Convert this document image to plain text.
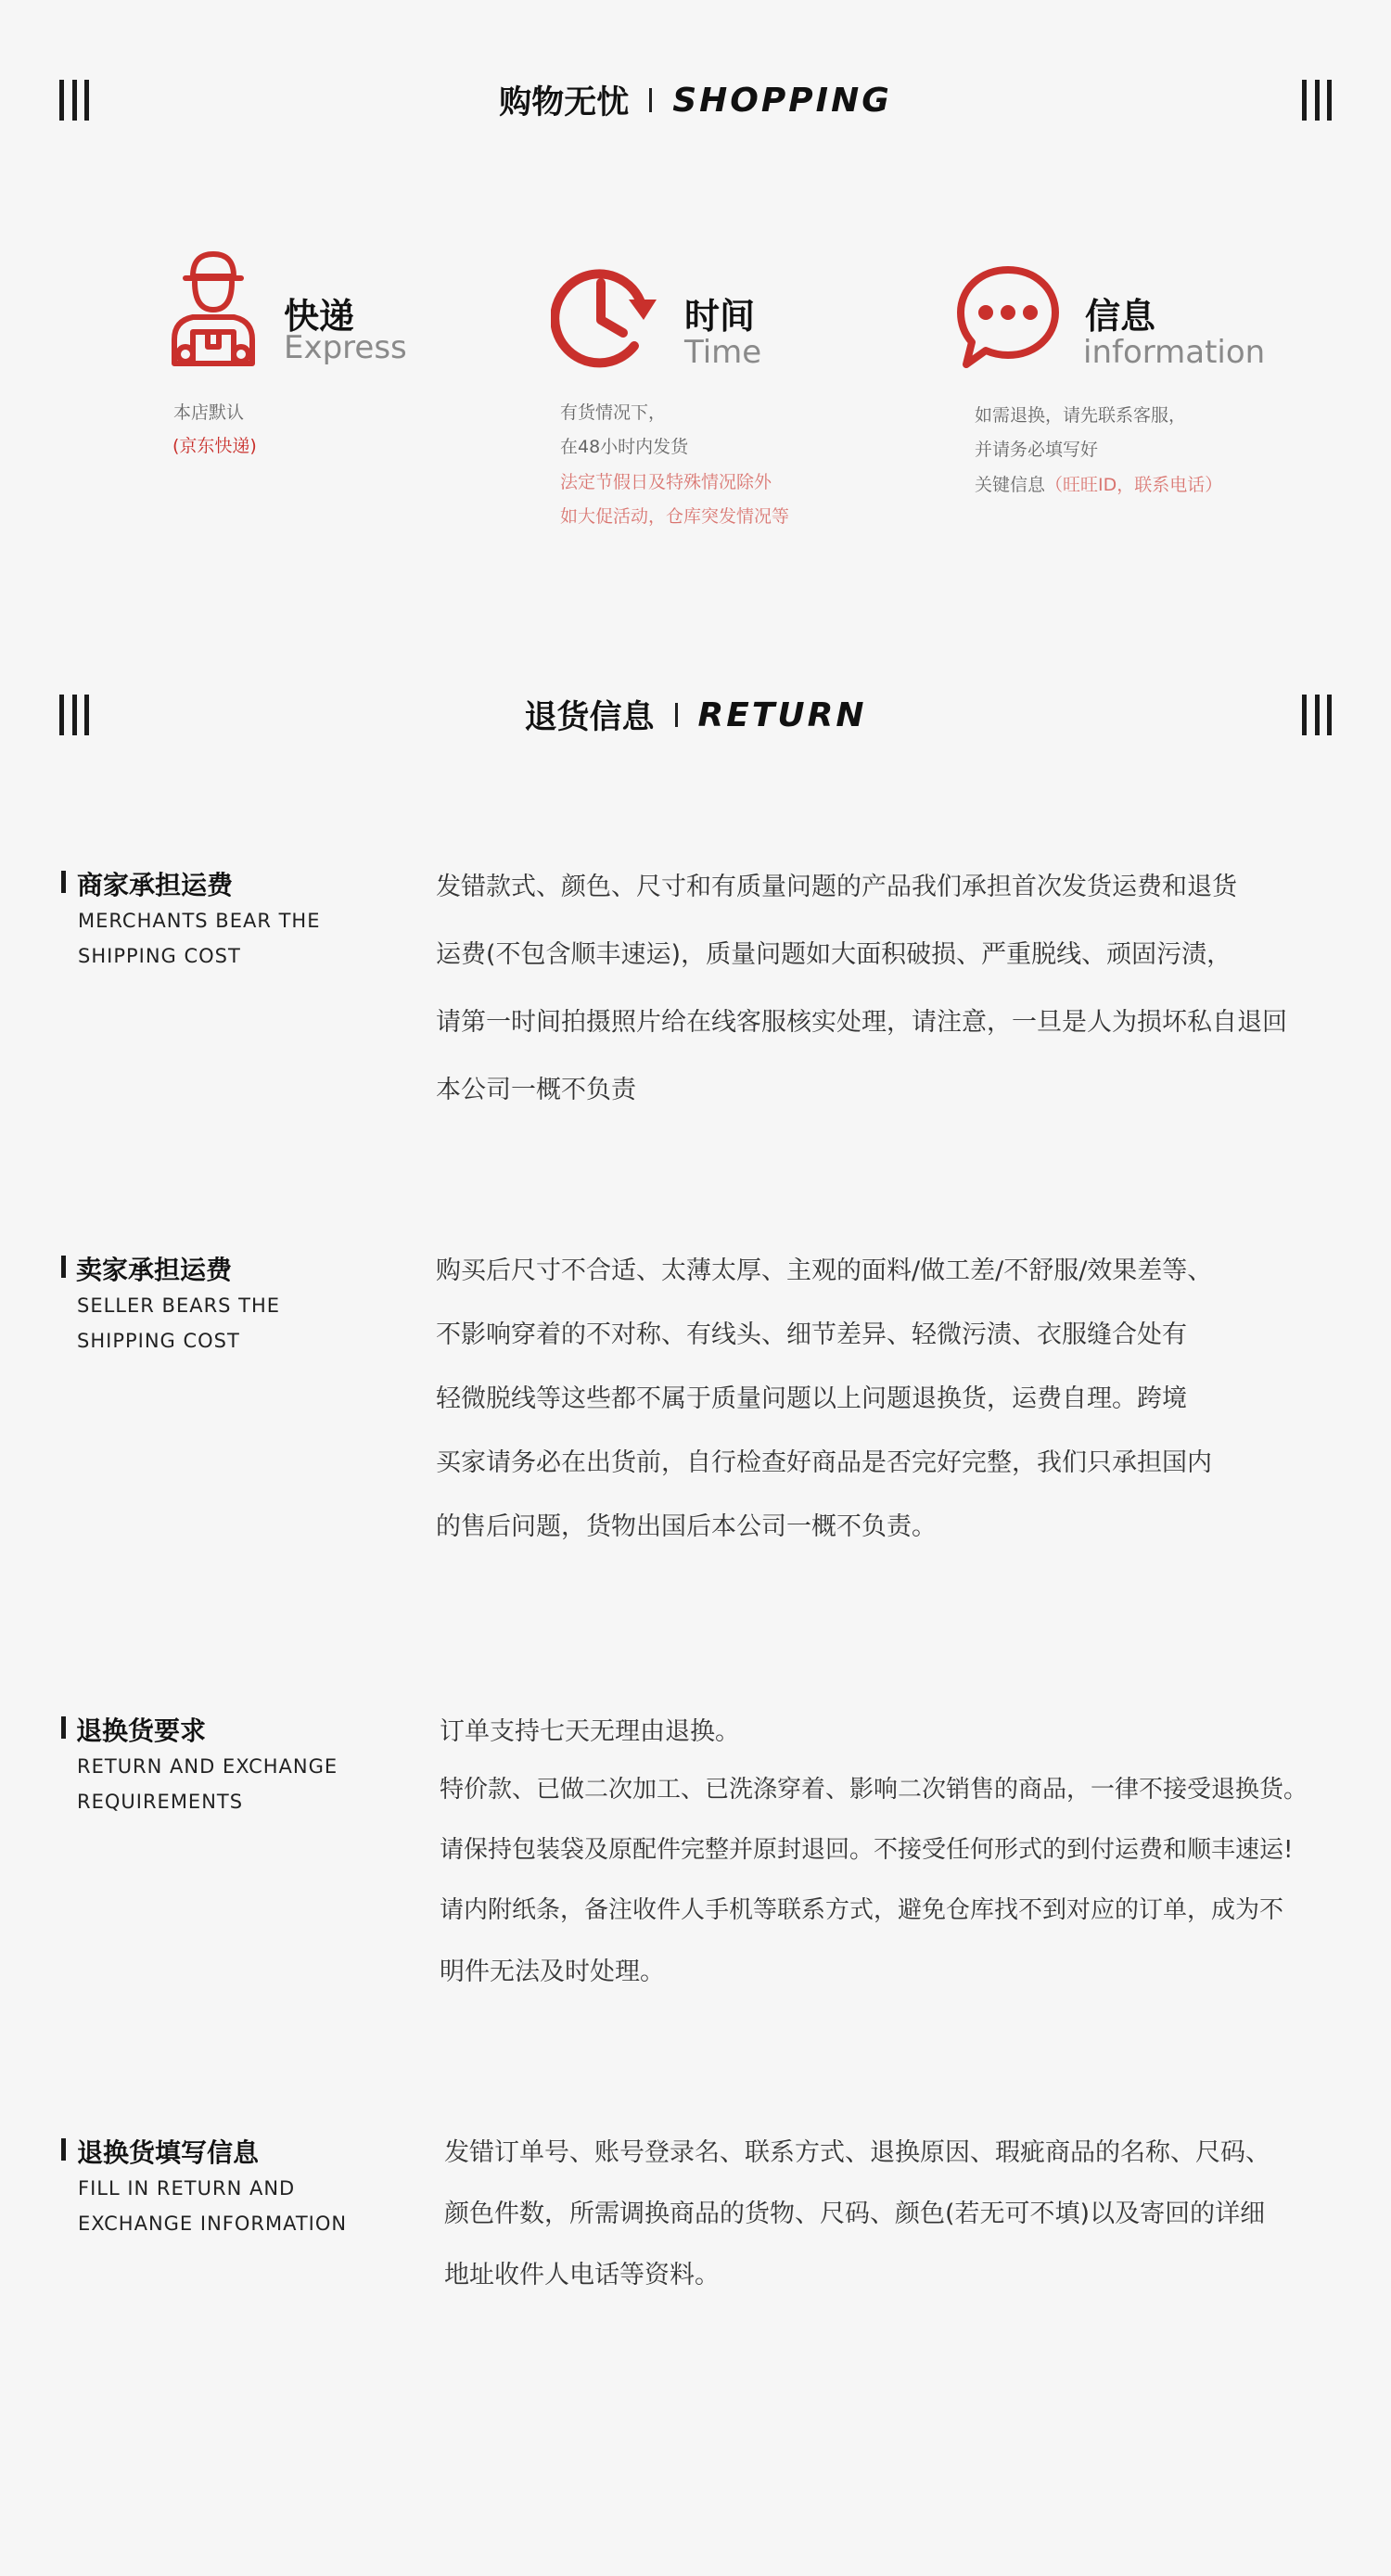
购物无忧 SHOPPING
快递
Express
本店默认
(京东快递)
时间
Time
有货情况下，
在48小时内发货
法定节假日及特殊情况除外
如大促活动，仓库突发情况等
信息
information
如需退换，请先联系客服，
并请务必填写好
关键信息（旺旺ID，联系电话）
退货信息 RETURN
商家承担运费
MERCHANTS BEAR THE
SHIPPING COST
发错款式、颜色、尺寸和有质量问题的产品我们承担首次发货运费和退货
运费(不包含顺丰速运)，质量问题如大面积破损、严重脱线、顽固污渍，
请第一时间拍摄照片给在线客服核实处理，请注意，一旦是人为损坏私自退回
本公司一概不负责
卖家承担运费
SELLER BEARS THE
SHIPPING COST
购买后尺寸不合适、太薄太厚、主观的面料/做工差/不舒服/效果差等、
不影响穿着的不对称、有线头、细节差异、轻微污渍、衣服缝合处有
轻微脱线等这些都不属于质量问题以上问题退换货，运费自理。跨境
买家请务必在出货前，自行检查好商品是否完好完整，我们只承担国内
的售后问题，货物出国后本公司一概不负责。
退换货要求
RETURN AND EXCHANGE
REQUIREMENTS
订单支持七天无理由退换。
特价款、已做二次加工、已洗涤穿着、影响二次销售的商品，一律不接受退换货。
请保持包装袋及原配件完整并原封退回。不接受任何形式的到付运费和顺丰速运!
请内附纸条，备注收件人手机等联系方式，避免仓库找不到对应的订单，成为不
明件无法及时处理。
退换货填写信息
FILL IN RETURN AND
EXCHANGE INFORMATION
发错订单号、账号登录名、联系方式、退换原因、瑕疵商品的名称、尺码、
颜色件数，所需调换商品的货物、尺码、颜色(若无可不填)以及寄回的详细
地址收件人电话等资料。
